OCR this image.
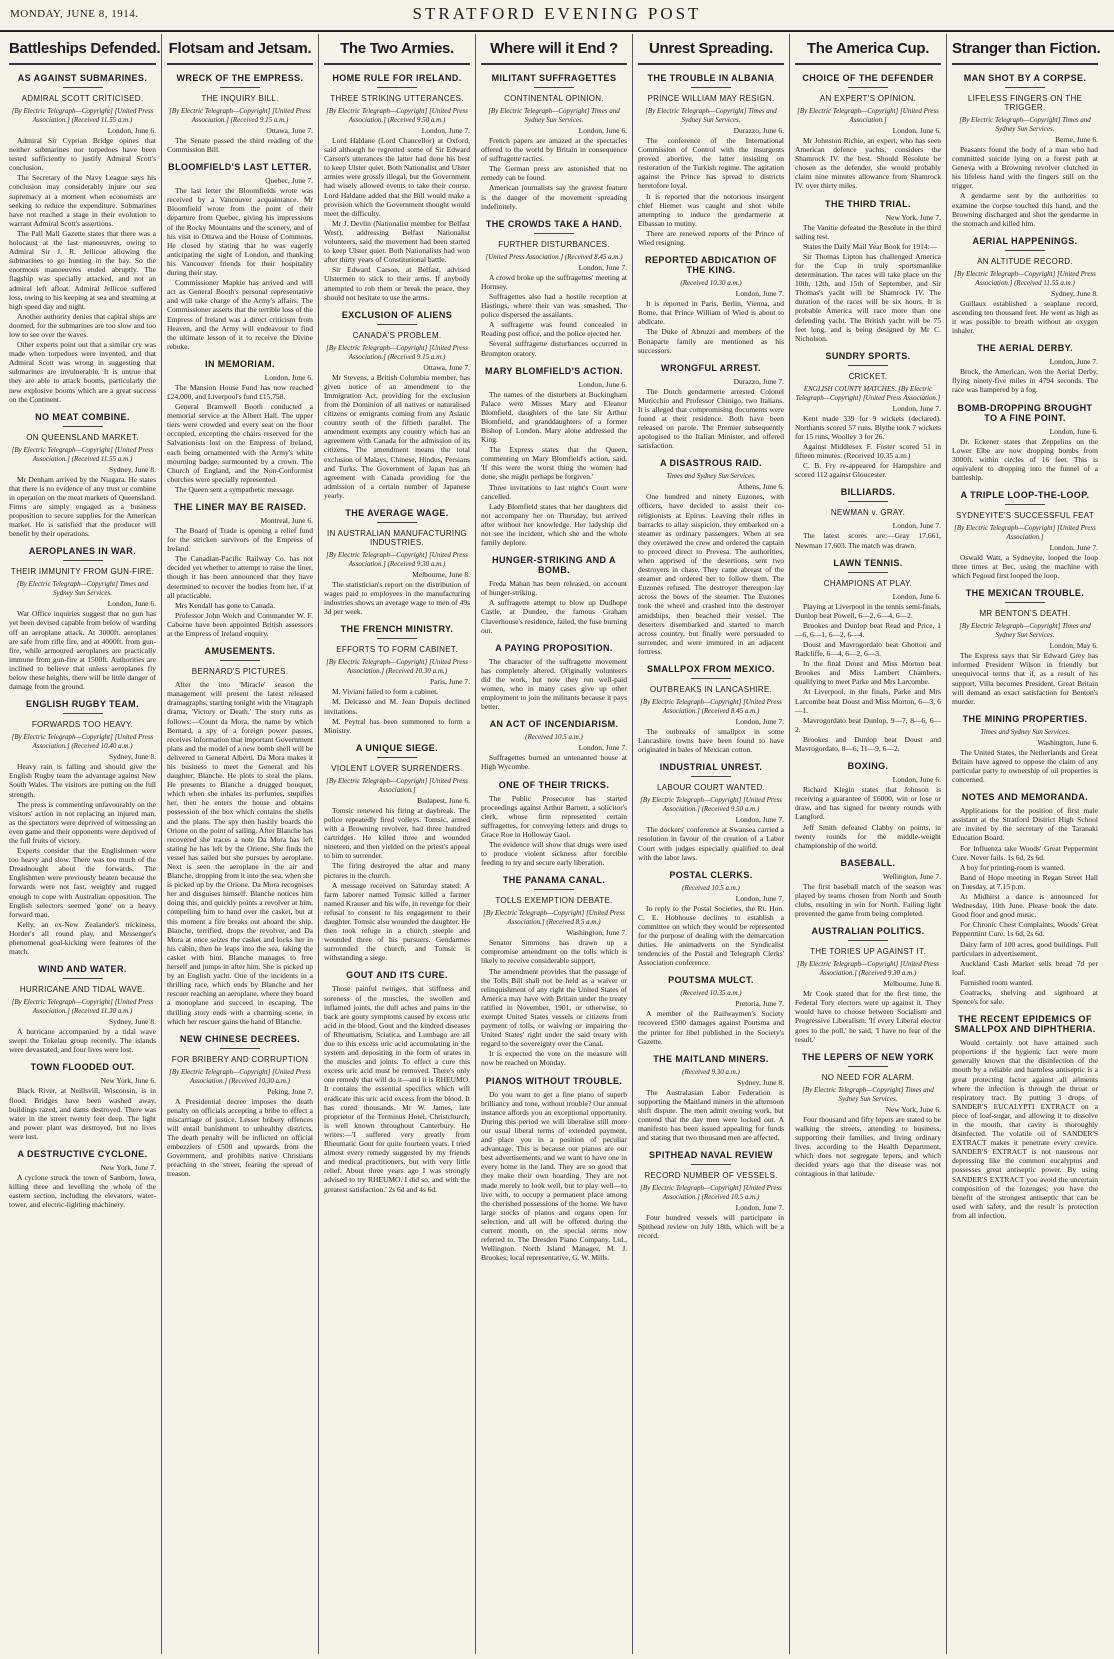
MONDAY, JUNE 8, 1914.	STRATFORD EVENING POST
Battleships Defended.
AS AGAINST SUBMARINES.
ADMIRAL SCOTT CRITICISED.
[By Electric Telegraph—Copyright] [United Press Association.] (Received 11.55 a.m.)
London, June 6.
Admiral Sir Cyprian Bridge opines that neither submarines nor torpedoes have been tested sufficiently to justify Admiral Scott's conclusion.
The Secretary of the Navy League says his conclusion may considerably injure our sea supremacy at a moment when economists are seeking to reduce the expenditure. Submarines have not reached a stage in their evolution to warrant Admiral Scott's assertions.
The Pall Mall Gazette states that there was a holocaust at the last manoeuvres, owing to Admiral Sir J. R. Jellicoe allowing the submarines to go hunting in the bay. So the enormous manoeuvres ended abruptly. The flagship was specially attacked, and not an admiral left afloat. Admiral Jellicoe suffered loss, owing to his keeping at sea and steaming at high speed day and night.
Another authority denies that capital ships are doomed, for the submarines are too slow and too low to see over the waves.
Other experts point out that a similar cry was made when torpedoes were invented, and that Admiral Scott was wrong in suggesting that submarines are invulnerable. It is untrue that they are able to attack booms, particularly the new explosive booms which are a great success on the Continent.
NO MEAT COMBINE.
ON QUEENSLAND MARKET.
[By Electric Telegraph—Copyright] [United Press Association.] (Received 11.55 a.m.)
Sydney, June 8.
Mr Denham arrived by the Niagara. He states that there is no evidence of any trust or combine in operation on the meat markets of Queensland. Firms are simply engaged as a business proposition to secure supplies for the American market. He is satisfied that the producer will benefit by their operations.
AEROPLANES IN WAR.
THEIR IMMUNITY FROM GUN-FIRE.
[By Electric Telegraph—Copyright] Times and Sydney Sun Services.
London, June 6.
War Office inquiries suggest that no gun has yet been devised capable from below of warding off an aeroplane attack. At 3000ft. aeroplanes are safe from rifle fire, and at 4000ft. from gun-fire, while armoured aeroplanes are practically immune from gun-fire at 1500ft. Authorities are inclined to believe that unless aeroplanes fly below these heights, there will be little danger of damage from the ground.
ENGLISH RUGBY TEAM.
FORWARDS TOO HEAVY.
[By Electric Telegraph—Copyright] [United Press Association.] (Received 10.40 a.m.)
Sydney, June 8.
Heavy rain is falling and should give the English Rugby team the advantage against New South Wales. The visitors are putting on the full strength.
The press is commenting unfavourably on the visitors' action in not replacing an injured man, as the spectators were deprived of witnessing an even game and their opponents were deprived of the full fruits of victory.
Experts consider that the Englishmen were too heavy and slow. There was too much of the Dreadnought about the forwards. The Englishmen were previously beaten because the forwards were not fast, weighty and rugged enough to cope with Australian opposition. The English selectors seemed 'gone' on a heavy forward man.
Kelly, an ex-New Zealander's trickiness, Horder's all round play, and Messenger's phenomenal goal-kicking were features of the match.
WIND AND WATER.
HURRICANE AND TIDAL WAVE.
[By Electric Telegraph—Copyright] [United Press Association.] (Received 11.30 a.m.)
Sydney, June 8.
A hurricane accompanied by a tidal wave swept the Tokelau group recently. The islands were devastated, and four lives were lost.
TOWN FLOODED OUT.
New York, June 6.
Black River, at Neillsvill, Wisconsin, is in flood. Bridges have been washed away, buildings razed, and dams destroyed. There was water in the street twenty feet deep. The light and power plant was destroyed, but no lives were lost.
A DESTRUCTIVE CYCLONE.
New York, June 7.
A cyclone struck the town of Sanborn, Iowa, killing three and levelling the whole of the eastern section, including the elevators, water-tower, and electric-lighting machinery.
Flotsam and Jetsam.
WRECK OF THE EMPRESS.
THE INQUIRY BILL.
[By Electric Telegraph—Copyright] [United Press Association.] (Received 9.15 a.m.)
Ottawa, June 7.
The Senate passed the third reading of the Commission Bill.
BLOOMFIELD'S LAST LETTER.
Quebec, June 7.
The last letter the Bloomfields wrote was received by a Vancouver acquaintance. Mr Bloomfield wrote from the point of their departure from Quebec, giving his impressions of the Rocky Mountains and the scenery, and of his visit to Ottawa and the House of Commons. He closed by stating that he was eagerly anticipating the sight of London, and thanking his Vancouver friends for their hospitality during their stay.
Commissioner Mapkie has arrived and will act as General Booth's personal representative and will take charge of the Army's affairs. The Commissioner asserts that the terrible loss of the Empress of Ireland was a direct criticism from Heaven, and the Army will endeavour to find the ultimate lesson of it to receive the Divine rebuke.
IN MEMORIAM.
London, June 6.
The Mansion House Fund has now reached £24,000, and Liverpool's fund £15,758.
General Bramwell Booth conducted a memorial service at the Albert Hall. The upper tiers were crowded and every seat on the floor occupied, excepting the chairs reserved for the Salvationists lost on the Empress of Ireland, each being ornamented with the Army's white mourning badge, surmounted by a crown. The Church of England, and the Non-Conformist churches were specially represented.
The Queen sent a sympathetic message.
THE LINER MAY BE RAISED.
Montreal, June 6.
The Board of Trade is opening a relief fund for the stricken survivors of the Empress of Ireland.
The Canadian-Pacific Railway Co. has not decided yet whether to attempt to raise the liner, though it has been announced that they have determined to recover the bodies from her, if at all practicable.
Mrs Kendall has gone to Canada.
Professor John Welch and Commander W. F. Caborne have been appointed British assessors at the Empress of Ireland enquiry.
AMUSEMENTS.
BERNARD'S PICTURES.
After the into 'Miracle' season the management will present the latest released dramagraphs, starting tonight with the Vitagraph drama, 'Victory or Death.' The story runs as follows:—Count da Mora, the name by which Bernard, a spy of a foreign power passes, receives information that important Government plans and the model of a new bomb shell will be delivered to General Alberti. Da Mora makes it his business to meet the General and his daughter, Blanche. He plots to steal the plans. He presents to Blanche a drugged bouquet, which when she inhales its perfumes, stupifies her, then he enters the house and obtains possession of the box which contains the shells and the plans. The spy then hastily boards the Orione on the point of sailing. After Blanche has recovered she traces a note Da Mora has left stating he has left by the Oriene. She finds the vessel has sailed but she pursues by aeroplane. Next is seen the aeroplane in the air and Blanche, dropping from it into the sea, when she is picked up by the Orione. Da Mora recognises her and disguises himself. Blanche notices him doing this, and quickly points a revolver at him, compelling him to hand over the casket, but at this moment a fire breaks out aboard the ship. Blanche, terrified, drops the revolver, and Da Mora at once seizes the casket and locks her in his cabin, then he leaps into the sea, taking the casket with him. Blanche manages to free herself and jumps in after him. She is picked up by an English yacht. One of the incidents in a thrilling race, which ends by Blanche and her rescuer reaching an aeroplane, where they board a monoplane and succeed in escaping. The thrilling story ends with a charming scene, in which her rescuer gains the hand of Blanche.
NEW CHINESE DECREES.
FOR BRIBERY AND CORRUPTION
[By Electric Telegraph—Copyright] [United Press Association.] (Received 10.30 a.m.)
Peking, June 7.
A Presidential decree imposes the death penalty on officials accepting a bribe to effect a miscarriage of justice. Lesser bribery offences will entail banishment to unhealthy districts. The death penalty will be inflicted on official embezzlers of £500 and upwards from the Government, and prohibits native Christians preaching in the street, fearing the spread of treason.
The Two Armies.
HOME RULE FOR IRELAND.
THREE STRIKING UTTERANCES.
[By Electric Telegraph—Copyright] [United Press Association.] (Received 9.50 a.m.)
London, June 7.
Lord Haldane (Lord Chancellor) at Oxford, said although he regretted some of Sir Edward Carson's utterances the latter had done his best to keep Ulster quiet. Both Nationalist and Ulster armies were grossly illegal, but the Government had wisely allowed events to take their course. Lord Haldane added that the Bill would make a provision which the Government thought would meet the difficulty.
Mr J. Devlin (Nationalist member for Belfast West), addressing Belfast Nationalist volunteers, said the movement had been started to keep Ulster quiet. Both Nationalists had won after thirty years of Constitutional battle.
Sir Edward Carson, at Belfast, advised Ulstermen to stick to their arms. If anybody attempted to rob them or break the peace, they should not hesitate to use the arms.
EXCLUSION OF ALIENS
CANADA'S PROBLEM.
[By Electric Telegraph—Copyright] [United Press Association.] (Received 9.15 a.m.)
Ottawa, June 7.
Mr Stevens, a British Columbia member, has given notice of an amendment to the Immigration Act, providing for the exclusion from the Dominion of all natives or naturalised citizens or emigrants coming from any Asiatic country south of the fiftieth parallel. The amendment exempts any country which has an agreement with Canada for the admission of its citizens. The amendment means the total exclusion of Malays, Chinese, Hindus, Persians and Turks. The Government of Japan has an agreement with Canada providing for the admission of a certain number of Japanese yearly.
THE AVERAGE WAGE.
IN AUSTRALIAN MANUFACTURING INDUSTRIES.
[By Electric Telegraph—Copyright] [United Press Association.] (Received 9.30 a.m.)
Melbourne, June 8.
The statistician's report on the distribution of wages paid to employees in the manufacturing industries shows an average wage to men of 49s 3d per week.
THE FRENCH MINISTRY.
EFFORTS TO FORM CABINET.
[By Electric Telegraph—Copyright] [United Press Association.] (Received 10.30 a.m.)
Paris, June 7.
M. Viviani failed to form a cabinet.
M. Delcasse and M. Jean Dupuis declined invitations.
M. Peytral has been summoned to form a Ministry.
A UNIQUE SIEGE.
VIOLENT LOVER SURRENDERS.
[By Electric Telegraph—Copyright] [United Press Association.]
Budapest, June 6.
Tomsic renewed his firing at daybreak. The police repeatedly fired volleys. Tomsic, armed with a Browning revolver, had three hundred cartridges. He killed three and wounded nineteen, and then yielded on the priest's appeal to him to surrender.
The firing destroyed the altar and many pictures in the church.
A message received on Saturday stated: A farm laborer named Tomsic killed a farmer named Krauser and his wife, in revenge for their refusal to consent to his engagement to their daughter. Tomsic also wounded the daughter. He then took refuge in a church steeple and wounded three of his pursuers. Gendarmes surrounded the church, and Tomsic is withstanding a siege.
GOUT AND ITS CURE.
Those painful twinges, that stiffness and soreness of the muscles, the swollen and inflamed joints, the dull aches and pains in the back are gouty symptoms caused by excess uric acid in the blood. Gout and the kindred diseases of Rheumatism, Sciatica, and Lumbago are all due to this excess uric acid accumulating in the system and depositing in the form of urates in the muscles and joints. To effect a cure this excess uric acid must be removed. There's only one remedy that will do it—and it is RHEUMO. It contains the essential specifics which will eradicate this uric acid excess from the blood. It has cured thousands. Mr W. James, late proprietor of the Terminus Hotel, Christchurch, is well known throughout Canterbury. He writes:—'I suffered very greatly from Rheumatic Gout for quite fourteen years. I tried almost every remedy suggested by my friends and medical practitioners, but with very little relief. About three years ago I was strongly advised to try RHEUMO. I did so, and with the greatest satisfaction.' 2s 6d and 4s 6d.
Where will it End ?
MILITANT SUFFRAGETTES
CONTINENTAL OPINION.
[By Electric Telegraph—Copyright] Times and Sydney Sun Services.
London, June 6.
French papers are amazed at the spectacles offered to the world by Britain in consequence of suffragette tactics.
The German press are astonished that no remedy can be found.
American journalists say the gravest feature is the danger of the movement spreading indefinitely.
THE CROWDS TAKE A HAND.
FURTHER DISTURBANCES.
[United Press Association.] (Received 8.45 a.m.)
London, June 7.
A crowd broke up the suffragettes' meeting at Hornsey.
Suffragettes also had a hostile reception at Hastings, where their van was smashed. The police dispersed the assailants.
A suffragette was found concealed in Reading post office, and the police ejected her.
Several suffragette disturbances occurred in Brompton oratory.
MARY BLOMFIELD'S ACTION.
London, June 6.
The names of the disturbers at Buckingham Palace were Misses Mary and Eleanor Blomfield, daughters of the late Sir Arthur Blomfield, and granddaughters of a former Bishop of London. Mary alone addressed the King.
The Express states that the Queen, commenting on Mary Blomfield's action, said, 'If this were the worst thing the women had done, she might perhaps be forgiven.'
Three invitations to last night's Court were cancelled.
Lady Blomfield states that her daughters did not accompany her on Thursday, but arrived after without her knowledge. Her ladyship did not see the incident, which she and the whole family deplore.
HUNGER-STRIKING AND A BOMB.
Freda Mahan has been released, on account of hunger-striking.
A suffragette attempt to blow up Dudhope Castle, at Dundee, the famous Graham Claverhouse's residence, failed, the fuse burning out.
A PAYING PROPOSITION.
The character of the suffragette movement has completely altered. Originally volunteers did the work, but now they run well-paid women, who in many cases give up other employment to join the militants because it pays better.
AN ACT OF INCENDIARISM.
(Received 10.5 a.m.)
London, June 7.
Suffragettes burned an untenanted house at High Wycombe.
ONE OF THEIR TRICKS.
The Public Prosecutor has started proceedings against Arthur Barnett, a solicitor's clerk, whose firm represented certain suffragettes, for conveying letters and drugs to Grace Roe in Holloway Gaol.
The evidence will show that drugs were used to produce violent sickness after forcible feeding to try and secure early liberation.
THE PANAMA CANAL.
TOLLS EXEMPTION DEBATE.
[By Electric Telegraph—Copyright] [United Press Association.] (Received 8.5 a.m.)
Washington, June 7.
Senator Simmons has drawn up a compromise amendment on the tolls which is likely to receive considerable support.
The amendment provides that the passage of the Tolls Bill shall not be held as a waiver or relinquishment of any right the United States of America may have with Britain under the treaty ratified in November, 1901, or otherwise, to exempt United States vessels or citizens from payment of tolls, or waiving or impairing the United States' right under the said treaty with regard to the sovereignty over the Canal.
It is expected the vote on the measure will now be reached on Monday.
PIANOS WITHOUT TROUBLE.
Do you want to get a fine piano of superb brilliancy and tone, without trouble? Our annual instance affords you an exceptional opportunity. During this period we will liberalise still more our usual liberal terms of extended payment, and place you in a position of peculiar advantage. This is because our pianos are our best advertisements, and we want to have one in every home in the land. They are so good that they make their own hoarding. They are not made merely to look well, but to play well—to live with, to occupy a permanent place among the cherished possessions of the home. We have large stocks of pianos and organs open for selection, and all will be offered during the current month, on the special terms now referred to. The Dresden Piano Company, Ltd., Wellington. North Island Manager, M. J. Brookes; local representative, G. W. Mills.
Unrest Spreading.
THE TROUBLE IN ALBANIA
PRINCE WILLIAM MAY RESIGN.
[By Electric Telegraph—Copyright] Times and Sydney Sun Services.
Durazzo, June 6.
The conference of the International Commission of Control with the insurgents proved abortive, the latter insisting on restoration of the Turkish regime. The agitation against the Prince has spread to districts heretofore loyal.
It is reported that the notorious insurgent chief Hiemet was caught and shot while attempting to induce the gendarmerie at Elbassan to mutiny.
There are renewed reports of the Prince of Wied resigning.
REPORTED ABDICATION OF THE KING.
(Received 10.30 a.m.)
London, June 7.
It is reported in Paris, Berlin, Vienna, and Rome, that Prince William of Wied is about to abdicate.
The Duke of Abruzzi and members of the Bonaparte family are mentioned as his successors.
WRONGFUL ARREST.
Durazzo, June 7.
The Dutch gendarmerie arrested Colonel Muricchio and Professor Chinigo, two Italians. It is alleged that compromising documents were found at their residence. Both have been released on parole. The Premier subsequently apologised to the Italian Minister, and offered satisfaction.
A DISASTROUS RAID.
Times and Sydney Sun Services.
Athens, June 6.
One hundred and ninety Euzones, with officers, have decided to assist their co-religionists at Epirus. Leaving their rifles in barracks to allay suspicion, they embarked on a steamer as ordinary passengers. When at sea they overawed the crew and ordered the captain to proceed direct to Prevesa. The authorities, when apprised of the desertions, sent two destroyers in chase. They came abreast of the steamer and ordered her to follow them. The Euzones refused. The destroyer thereupon lay across the bows of the steamer. The Euzones took the wheel and crashed into the destroyer amidships, then beached their vessel. The deserters disembarked and started to march across country, but finally were persuaded to surrender, and were immured in an adjacent fortress.
SMALLPOX FROM MEXICO.
OUTBREAKS IN LANCASHIRE.
[By Electric Telegraph—Copyright] [United Press Association.] (Received 8.45 a.m.)
London, June 7.
The outbreaks of smallpox in some Lancashire towns have been found to have originated in bales of Mexican cotton.
INDUSTRIAL UNREST.
LABOUR COURT WANTED.
[By Electric Telegraph—Copyright] [United Press Association.] (Received 9.50 a.m.)
London, June 7.
The dockers' conference at Swansea carried a resolution in favour of the creation of a Labor Court with judges especially qualified to deal with the labor laws.
POSTAL CLERKS.
(Received 10.5 a.m.)
London, June 7.
In reply to the Postal Societies, the Rt. Hon. C. E. Hobhouse declines to establish a committee on which they would be represented for the purpose of dealing with the demarcation duties. He animadverts on the Syndicalist tendencies of the Postal and Telegraph Clerks' Association conference.
POUTSMA MULCT.
(Received 10.35 a.m.)
Pretoria, June 7.
A member of the Railwaymen's Society recovered £500 damages against Poutsma and the printer for libel published in the Society's Gazette.
THE MAITLAND MINERS.
(Received 9.30 a.m.)
Sydney, June 8.
The Australasian Labor Federation is supporting the Maitland miners in the afternoon shift dispute. The men admit owning work, but contend that the day men were locked out. A manifesto has been issued appealing for funds and stating that two thousand men are affected.
SPITHEAD NAVAL REVIEW
RECORD NUMBER OF VESSELS.
[By Electric Telegraph—Copyright] [United Press Association.] (Received 10.5 a.m.)
London, June 7.
Four hundred vessels will participate in Spithead review on July 18th, which will be a record.
The America Cup.
CHOICE OF THE DEFENDER
AN EXPERT'S OPINION.
[By Electric Telegraph—Copyright] [United Press Association.]
London, June 6.
Mr Johnston Richie, an expert, who has seen American defence yachts, considers the Shamrock IV. the best. Should Resolute be chosen as the defender, she would probably claim nine minutes allowance from Shamrock IV. over thirty miles.
THE THIRD TRIAL.
New York, June 7.
The Vanitie defeated the Resolute in the third sailing test.
States the Daily Mail Year Book for 1914:—
Sir Thomas Lipton has challenged America for the Cup in truly sportsmanlike determination. The races will take place on the 10th, 12th, and 15th of September, and Sir Thomas's yacht will be Shamrock IV. The duration of the races will be six hours. It is probable America will race more than one defending yacht. The British yacht will be 75 feet long, and is being designed by Mr C. Nicholson.
SUNDRY SPORTS.
CRICKET.
ENGLISH COUNTY MATCHES. [By Electric Telegraph—Copyright] [United Press Association.]
London, June 7.
Kent made 339 for 9 wickets (declared). Northants scored 57 runs. Blythe took 7 wickets for 15 runs, Woolley 3 for 26.
Against Middlesex F. Foster scored 51 in fifteen minutes. (Received 10.35 a.m.)
C. B. Fry re-appeared for Hampshire and scored 112 against Gloucester.
BILLIARDS.
NEWMAN v. GRAY.
London, June 7.
The latest scores are:—Gray 17,661, Newman 17,603. The match was drawn.
LAWN TENNIS.
CHAMPIONS AT PLAY.
London, June 6.
Playing at Liverpool in the tennis semi-finals, Dunlop beat Powell, 6—2, 6—4, 6—2.
Brookes and Dunlop beat Read and Price, 1—6, 6—1, 6—2, 6—4.
Doust and Mavrogordato beat Ghotton and Radcliffe, 6—4, 6—2, 6—3.
In the final Doust and Miss Morton beat Brookes and Miss Lambert Chambers, qualifying to meet Parke and Mrs Larcombe.
At Liverpool, in the finals, Parke and Mrs Larcombe beat Doust and Miss Morton, 6—3, 6—1.
Mavrogordato beat Dunlop, 9—7, 8—6, 6—2.
Brookes and Dunlop beat Doust and Mavrogordato, 8—6, 11—9, 6—2.
BOXING.
London, June 6.
Richard Klegin states that Johnson is receiving a guarantee of £6000, win or lose or draw, and has signed for twenty rounds with Langford.
Jeff Smith defeated Clabby on points, in twenty rounds for the middle-weight championship of the world.
BASEBALL.
Wellington, June 7.
The first baseball match of the season was played by teams chosen from North and South clubs, resulting in win for North. Failing light prevented the game from being completed.
AUSTRALIAN POLITICS.
THE TORIES UP AGAINST IT.
[By Electric Telegraph—Copyright] [United Press Association.] (Received 9.30 a.m.)
Melbourne, June 8.
Mr Cook stated that for the first time, the Federal Tory electors were up against it. They would have to choose between Socialism and Progressive Liberalism. 'If every Liberal elector goes to the poll,' he said, 'I have no fear of the result.'
THE LEPERS OF NEW YORK
NO NEED FOR ALARM.
[By Electric Telegraph—Copyright] Times and Sydney Sun Services.
New York, June 6.
Four thousand and fifty lepers are stated to be walking the streets, attending to business, supporting their families, and living ordinary lives, according to the Health Department, which does not segregate lepers, and which decided years ago that the disease was not contagious in that latitude.
Stranger than Fiction.
MAN SHOT BY A CORPSE.
LIFELESS FINGERS ON THE TRIGGER.
[By Electric Telegraph—Copyright] Times and Sydney Sun Services.
Berne, June 6.
Peasants found the body of a man who had committed suicide lying on a forest path at Geneva with a Browning revolver clutched in his lifeless hand with the fingers still on the trigger.
A gendarme sent by the authorities to examine the corpse touched this hand, and the Browning discharged and shot the gendarme in the stomach and killed him.
AERIAL HAPPENINGS.
AN ALTITUDE RECORD.
[By Electric Telegraph—Copyright] [United Press Association.] (Received 11.55 a.m.)
Sydney, June 8.
Guillaux established a seaplane record, ascending ten thousand feet. He went as high as it was possible to breath without an oxygen inhaler.
THE AERIAL DERBY.
London, June 7.
Brock, the American, won the Aerial Derby, flying ninety-five miles in 4794 seconds. The race was hampered by a fog.
BOMB-DROPPING BROUGHT TO A FINE POINT.
London, June 6.
Dr. Eckener states that Zeppelins on the Lower Elbe are now dropping bombs from 3000ft. within circles of 16 feet. This is equivalent to dropping into the funnel of a battleship.
A TRIPLE LOOP-THE-LOOP.
SYDNEYITE'S SUCCESSFUL FEAT
[By Electric Telegraph—Copyright] [United Press Association.]
London, June 7.
Oswald Watt, a Sydneyite, looped the loop three times at Bec, using the machine with which Pegoud first looped the loop.
THE MEXICAN TROUBLE.
MR BENTON'S DEATH.
[By Electric Telegraph—Copyright] Times and Sydney Sun Services.
London, May 6.
The Express says that Sir Edward Grey has informed President Wilson in friendly but unequivocal terms that if, as a result of his support, Villa becomes President, Great Britain will demand an exact satisfaction for Benton's murder.
THE MINING PROPERTIES.
Times and Sydney Sun Services.
Washington, June 6.
The United States, the Netherlands and Great Britain have agreed to oppose the claim of any particular party to ownership of oil properties is concerned.
NOTES AND MEMORANDA.
Applications for the position of first male assistant at the Stratford District High School are invited by the secretary of the Taranaki Education Board.
For Influenza take Woods' Great Peppermint Cure. Never fails. 1s 6d, 2s 6d.
A boy for printing-room is wanted.
Band of Hope meeting in Regan Street Hall on Tuesday, at 7.15 p.m.
At Midhirst a dance is announced for Wednesday, 10th June. Please book the date. Good floor and good music.
For Chronic Chest Complaints, Woods' Great Peppermint Cure. 1s 6d, 2s 6d.
Dairy farm of 100 acres, good buildings. Full particulars in advertisement.
Auckland Cash Market sells bread 7d per loaf.
Furnished room wanted.
Coatracks, shelving and signboard at Spence's for sale.
THE RECENT EPIDEMICS OF SMALLPOX AND DIPHTHERIA.
Would certainly not have attained such proportions if the hygienic fact were more generally known that the disinfection of the mouth by a reliable and harmless antiseptic is a great protecting factor against all ailments where the infection is through the throat or respiratory tract. By putting 3 drops of SANDER'S EUCALYPTI EXTRACT on a piece of loaf-sugar, and allowing it to dissolve in the mouth, that cavity is thoroughly disinfected. The volatile oil of SANDER'S EXTRACT makes it penetrate every crevice. SANDER'S EXTRACT is not nauseous nor depressing like the common eucalyptus and possesses great antiseptic power. By using SANDER'S EXTRACT you avoid the uncertain composition of the lozenges; you have the benefit of the strongest antiseptic that can be used with safety, and the result is protection from all infection.
